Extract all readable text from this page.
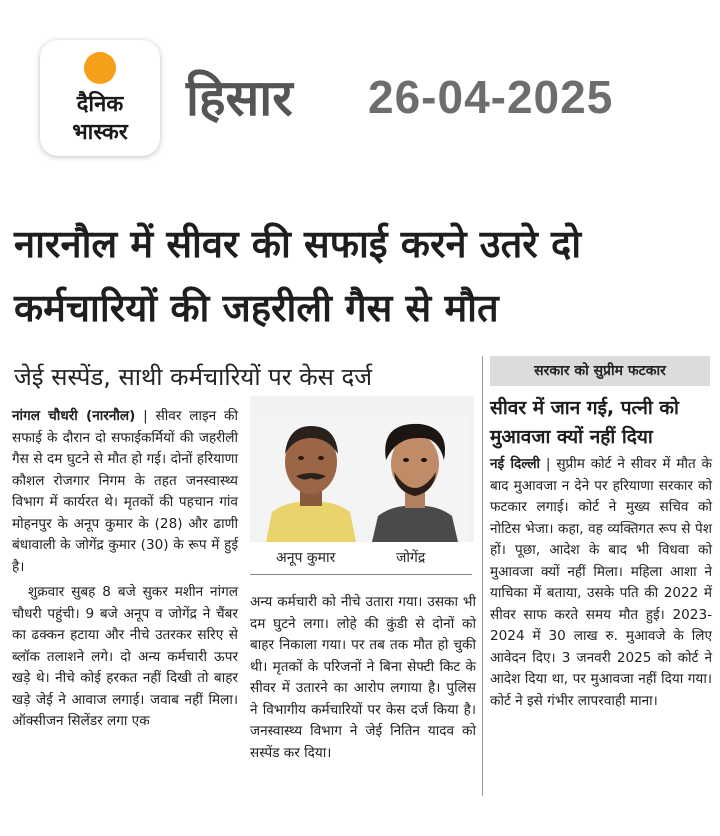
दैनिक
भास्कर
हिसार 26-04-2025
नारनौल में सीवर की सफाई करने उतरे दो कर्मचारियों की जहरीली गैस से मौत
जेई सस्पेंड, साथी कर्मचारियों पर केस दर्ज
नांगल चौधरी (नारनौल) | सीवर लाइन की सफाई के दौरान दो सफाईकर्मियों की जहरीली गैस से दम घुटने से मौत हो गई। दोनों हरियाणा कौशल रोजगार निगम के तहत जनस्वास्थ्य विभाग में कार्यरत थे। मृतकों की पहचान गांव मोहनपुर के अनूप कुमार के (28) और ढाणी बंधावाली के जोगेंद्र कुमार (30) के रूप में हुई है।
शुक्रवार सुबह 8 बजे सुकर मशीन नांगल चौधरी पहुंची। 9 बजे अनूप व जोगेंद्र ने चैंबर का ढक्कन हटाया और नीचे उतरकर सरिए से ब्लॉक तलाशने लगे। दो अन्य कर्मचारी ऊपर खड़े थे। नीचे कोई हरकत नहीं दिखी तो बाहर खड़े जेई ने आवाज लगाई। जवाब नहीं मिला। ऑक्सीजन सिलेंडर लगा एक
अनूप कुमार	जोगेंद्र
अन्य कर्मचारी को नीचे उतारा गया। उसका भी दम घुटने लगा। लोहे की कुंडी से दोनों को बाहर निकाला गया। पर तब तक मौत हो चुकी थी। मृतकों के परिजनों ने बिना सेफ्टी किट के सीवर में उतारने का आरोप लगाया है। पुलिस ने विभागीय कर्मचारियों पर केस दर्ज किया है। जनस्वास्थ्य विभाग ने जेई नितिन यादव को सस्पेंड कर दिया।
सरकार को सुप्रीम फटकार
सीवर में जान गई, पत्नी को मुआवजा क्यों नहीं दिया
नई दिल्ली | सुप्रीम कोर्ट ने सीवर में मौत के बाद मुआवजा न देने पर हरियाणा सरकार को फटकार लगाई। कोर्ट ने मुख्य सचिव को नोटिस भेजा। कहा, वह व्यक्तिगत रूप से पेश हों। पूछा, आदेश के बाद भी विधवा को मुआवजा क्यों नहीं मिला। महिला आशा ने याचिका में बताया, उसके पति की 2022 में सीवर साफ करते समय मौत हुई। 2023-2024 में 30 लाख रु. मुआवजे के लिए आवेदन दिए। 3 जनवरी 2025 को कोर्ट ने आदेश दिया था, पर मुआवजा नहीं दिया गया। कोर्ट ने इसे गंभीर लापरवाही माना।
